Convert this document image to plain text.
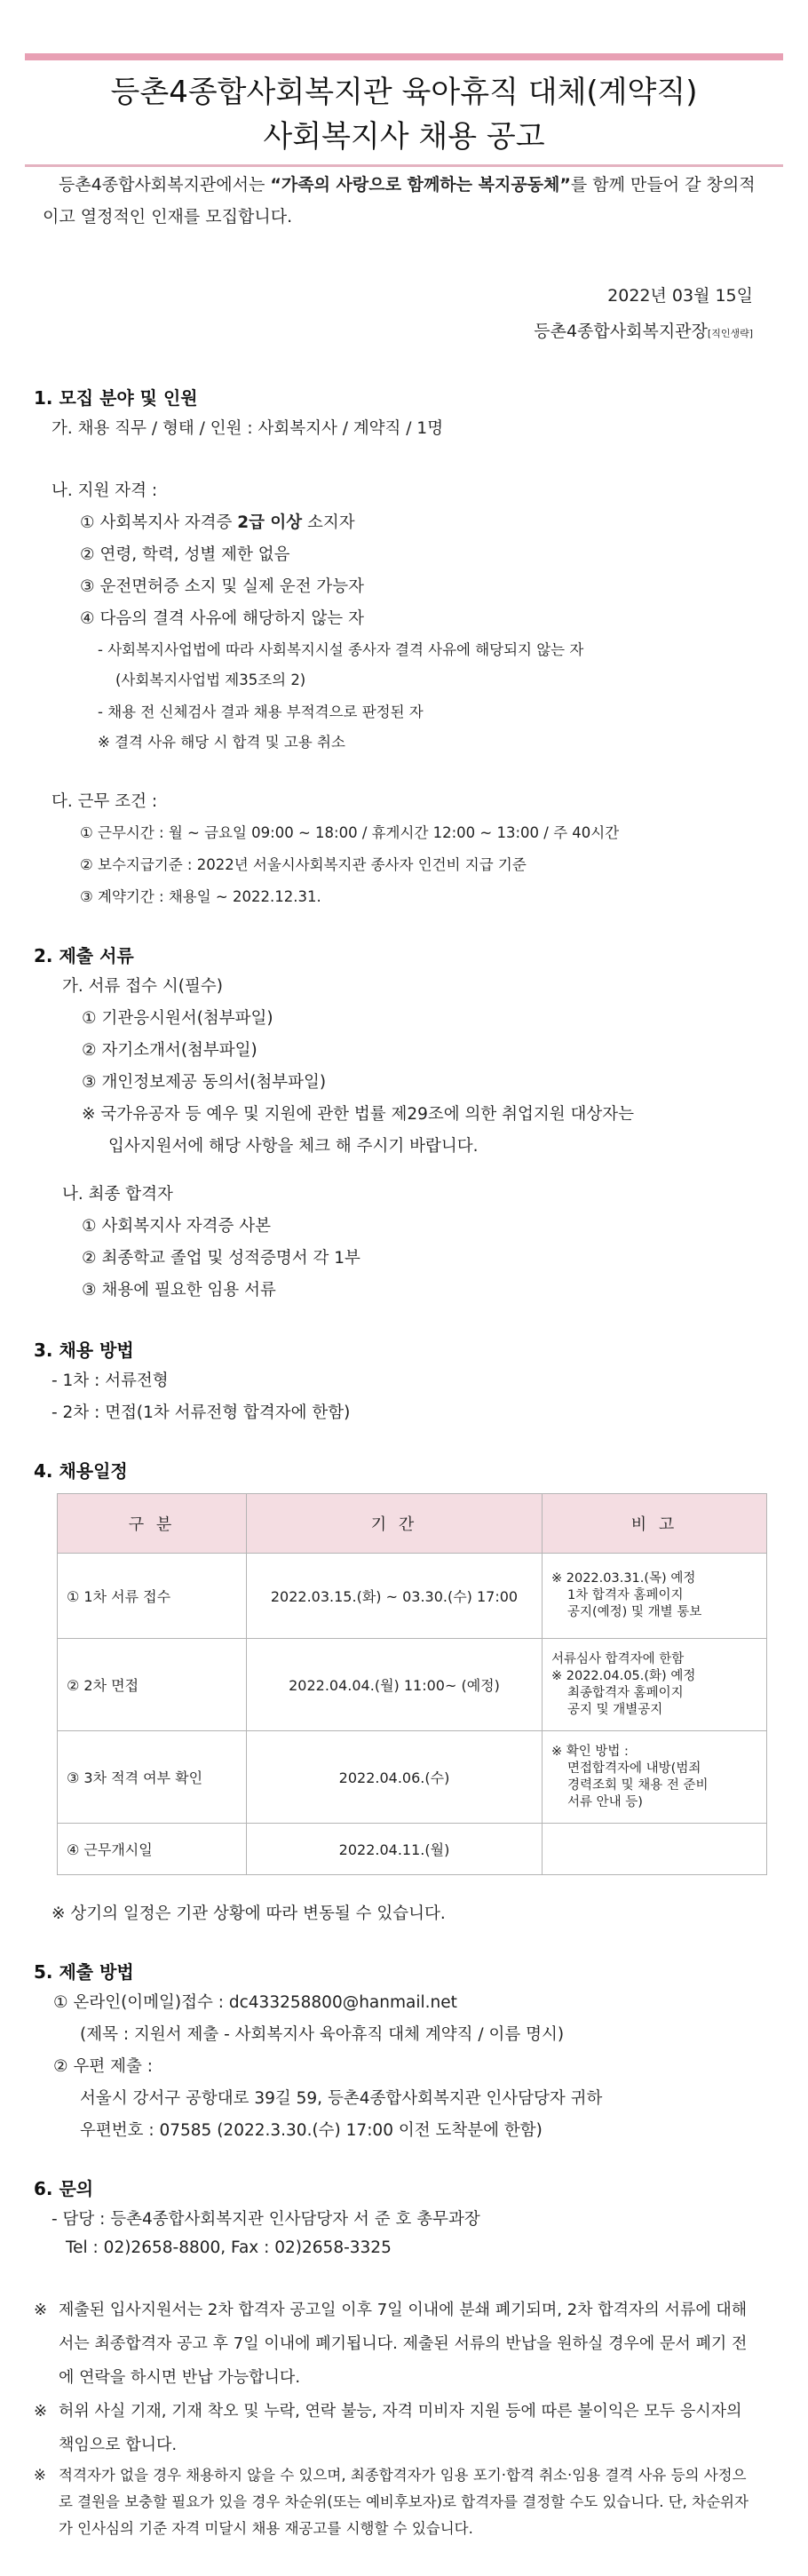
등촌4종합사회복지관 육아휴직 대체(계약직)
사회복지사 채용 공고
등촌4종합사회복지관에서는 “가족의 사랑으로 함께하는 복지공동체”를 함께 만들어 갈 창의적이고 열정적인 인재를 모집합니다.
2022년 03월 15일
등촌4종합사회복지관장[직인생략]
1. 모집 분야 및 인원
가. 채용 직무 / 형태 / 인원 : 사회복지사 / 계약직 / 1명
나. 지원 자격 :
① 사회복지사 자격증 2급 이상 소지자
② 연령, 학력, 성별 제한 없음
③ 운전면허증 소지 및 실제 운전 가능자
④ 다음의 결격 사유에 해당하지 않는 자
- 사회복지사업법에 따라 사회복지시설 종사자 결격 사유에 해당되지 않는 자
(사회복지사업법 제35조의 2)
- 채용 전 신체검사 결과 채용 부적격으로 판정된 자
※ 결격 사유 해당 시 합격 및 고용 취소
다. 근무 조건 :
① 근무시간 : 월 ~ 금요일 09:00 ~ 18:00 / 휴게시간 12:00 ~ 13:00 / 주 40시간
② 보수지급기준 : 2022년 서울시사회복지관 종사자 인건비 지급 기준
③ 계약기간 : 채용일 ~ 2022.12.31.
2. 제출 서류
가. 서류 접수 시(필수)
① 기관응시원서(첨부파일)
② 자기소개서(첨부파일)
③ 개인정보제공 동의서(첨부파일)
※ 국가유공자 등 예우 및 지원에 관한 법률 제29조에 의한 취업지원 대상자는
입사지원서에 해당 사항을 체크 해 주시기 바랍니다.
나. 최종 합격자
① 사회복지사 자격증 사본
② 최종학교 졸업 및 성적증명서 각 1부
③ 채용에 필요한 임용 서류
3. 채용 방법
- 1차 : 서류전형
- 2차 : 면접(1차 서류전형 합격자에 한함)
4. 채용일정
구 분	기 간	비 고
① 1차 서류 접수	2022.03.15.(화) ~ 03.30.(수) 17:00	※ 2022.03.31.(목) 예정
1차 합격자 홈페이지
공지(예정) 및 개별 통보

② 2차 면접	2022.04.04.(월) 11:00~ (예정)	서류심사 합격자에 한함
※ 2022.04.05.(화) 예정
최종합격자 홈페이지
공지 및 개별공지

③ 3차 적격 여부 확인	2022.04.06.(수)	※ 확인 방법 :
면접합격자에 내방(범죄
경력조회 및 채용 전 준비
서류 안내 등)

④ 근무개시일	2022.04.11.(월)	
※ 상기의 일정은 기관 상황에 따라 변동될 수 있습니다.
5. 제출 방법
① 온라인(이메일)접수 : dc433258800@hanmail.net
(제목 : 지원서 제출 - 사회복지사 육아휴직 대체 계약직 / 이름 명시)
② 우편 제출 :
서울시 강서구 공항대로 39길 59, 등촌4종합사회복지관 인사담당자 귀하
우편번호 : 07585 (2022.3.30.(수) 17:00 이전 도착분에 한함)
6. 문의
- 담당 : 등촌4종합사회복지관 인사담당자 서 준 호 총무과장
Tel : 02)2658-8800, Fax : 02)2658-3325
※ 제출된 입사지원서는 2차 합격자 공고일 이후 7일 이내에 분쇄 폐기되며, 2차 합격자의 서류에 대해서는 최종합격자 공고 후 7일 이내에 폐기됩니다. 제출된 서류의 반납을 원하실 경우에 문서 폐기 전에 연락을 하시면 반납 가능합니다.
※ 허위 사실 기재, 기재 착오 및 누락, 연락 불능, 자격 미비자 지원 등에 따른 불이익은 모두 응시자의 책임으로 합니다.
※ 적격자가 없을 경우 채용하지 않을 수 있으며, 최종합격자가 임용 포기·합격 취소·임용 결격 사유 등의 사정으로 결원을 보충할 필요가 있을 경우 차순위(또는 예비후보자)로 합격자를 결정할 수도 있습니다. 단, 차순위자가 인사심의 기준 자격 미달시 채용 재공고를 시행할 수 있습니다.
